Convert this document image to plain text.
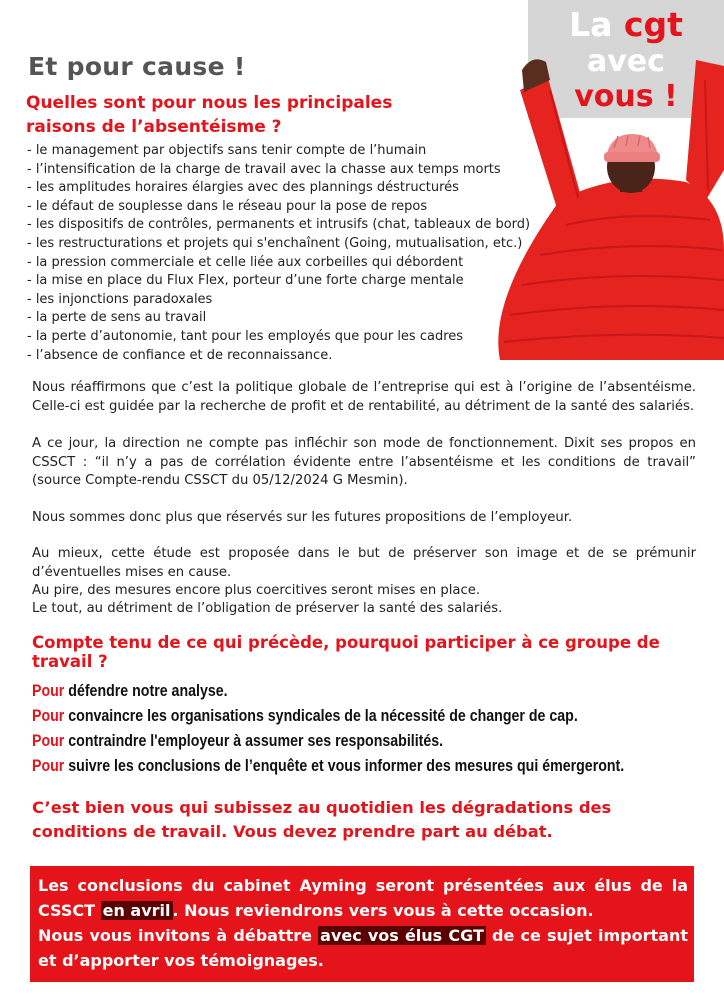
La cgt
avec
vous !
Et pour cause !

Quelles sont pour nous les principales
raisons de l’absentéisme ?

- le management par objectifs sans tenir compte de l’humain
- l’intensification de la charge de travail avec la chasse aux temps morts
- les amplitudes horaires élargies avec des plannings déstructurés
- le défaut de souplesse dans le réseau pour la pose de repos
- les dispositifs de contrôles, permanents et intrusifs (chat, tableaux de bord)
- les restructurations et projets qui s'enchaînent (Going, mutualisation, etc.)
- la pression commerciale et celle liée aux corbeilles qui débordent
- la mise en place du Flux Flex, porteur d’une forte charge mentale
- les injonctions paradoxales
- la perte de sens au travail
- la perte d’autonomie, tant pour les employés que pour les cadres
- l’absence de confiance et de reconnaissance.

Nous réaffirmons que c’est la politique globale de l’entreprise qui est à l’origine de l’absentéisme. Celle-ci est guidée par la recherche de profit et de rentabilité, au détriment de la santé des salariés.

A ce jour, la direction ne compte pas infléchir son mode de fonctionnement. Dixit ses propos en CSSCT : “il n’y a pas de corrélation évidente entre l’absentéisme et les conditions de travail” (source Compte-rendu CSSCT du 05/12/2024 G Mesmin).

Nous sommes donc plus que réservés sur les futures propositions de l’employeur.

Au mieux, cette étude est proposée dans le but de préserver son image et de se prémunir d’éventuelles mises en cause.

Au pire, des mesures encore plus coercitives seront mises en place.

Le tout, au détriment de l’obligation de préserver la santé des salariés.

Compte tenu de ce qui précède, pourquoi participer à ce groupe de travail ?

Pour défendre notre analyse.
Pour convaincre les organisations syndicales de la nécessité de changer de cap.
Pour contraindre l'employeur à assumer ses responsabilités.
Pour suivre les conclusions de l’enquête et vous informer des mesures qui émergeront.

C’est bien vous qui subissez au quotidien les dégradations des conditions de travail. Vous devez prendre part au débat.

Les conclusions du cabinet Ayming seront présentées aux élus de la CSSCT en avril . Nous reviendrons vers vous à cette occasion.
Nous vous invitons à débattre avec vos élus CGT de ce sujet important et d’apporter vos témoignages.
